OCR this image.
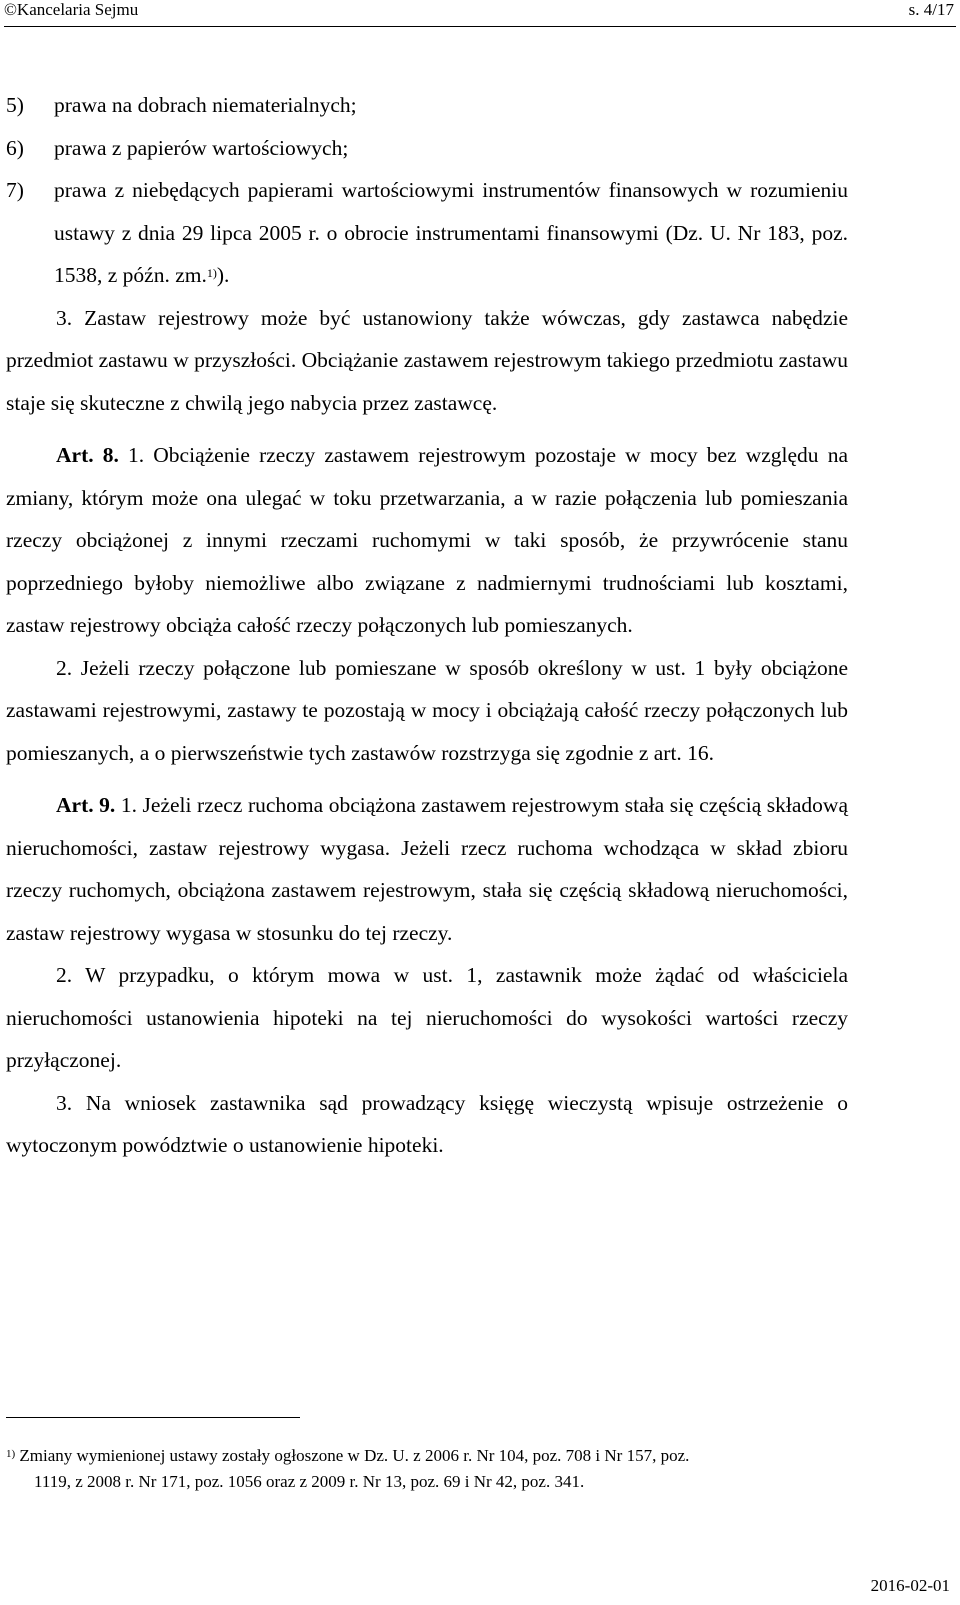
©Kancelaria Sejmu	s. 4/17

5) prawa na dobrach niematerialnych;

6) prawa z papierów wartościowych;

7) prawa z niebędących papierami wartościowymi instrumentów finansowych w rozumieniu ustawy z dnia 29 lipca 2005 r. o obrocie instrumentami finansowymi (Dz. U. Nr 183, poz. 1538, z późn. zm.$^{1)}$).

3. Zastaw rejestrowy może być ustanowiony także wówczas, gdy zastawca nabędzie przedmiot zastawu w przyszłości. Obciążanie zastawem rejestrowym takiego przedmiotu zastawu staje się skuteczne z chwilą jego nabycia przez zastawcę.

Art. 8. 1. Obciążenie rzeczy zastawem rejestrowym pozostaje w mocy bez względu na zmiany, którym może ona ulegać w toku przetwarzania, a w razie połączenia lub pomieszania rzeczy obciążonej z innymi rzeczami ruchomymi w taki sposób, że przywrócenie stanu poprzedniego byłoby niemożliwe albo związane z nadmiernymi trudnościami lub kosztami, zastaw rejestrowy obciąża całość rzeczy połączonych lub pomieszanych.

2. Jeżeli rzeczy połączone lub pomieszane w sposób określony w ust. 1 były obciążone zastawami rejestrowymi, zastawy te pozostają w mocy i obciążają całość rzeczy połączonych lub pomieszanych, a o pierwszeństwie tych zastawów rozstrzyga się zgodnie z art. 16.

Art. 9. 1. Jeżeli rzecz ruchoma obciążona zastawem rejestrowym stała się częścią składową nieruchomości, zastaw rejestrowy wygasa. Jeżeli rzecz ruchoma wchodząca w skład zbioru rzeczy ruchomych, obciążona zastawem rejestrowym, stała się częścią składową nieruchomości, zastaw rejestrowy wygasa w stosunku do tej rzeczy.

2. W przypadku, o którym mowa w ust. 1, zastawnik może żądać od właściciela nieruchomości ustanowienia hipoteki na tej nieruchomości do wysokości wartości rzeczy przyłączonej.

3. Na wniosek zastawnika sąd prowadzący księgę wieczystą wpisuje ostrzeżenie o wytoczonym powództwie o ustanowienie hipoteki.

$^{1)}$ Zmiany wymienionej ustawy zostały ogłoszone w Dz. U. z 2006 r. Nr 104, poz. 708 i Nr 157, poz.
1119, z 2008 r. Nr 171, poz. 1056 oraz z 2009 r. Nr 13, poz. 69 i Nr 42, poz. 341.
2016-02-01
